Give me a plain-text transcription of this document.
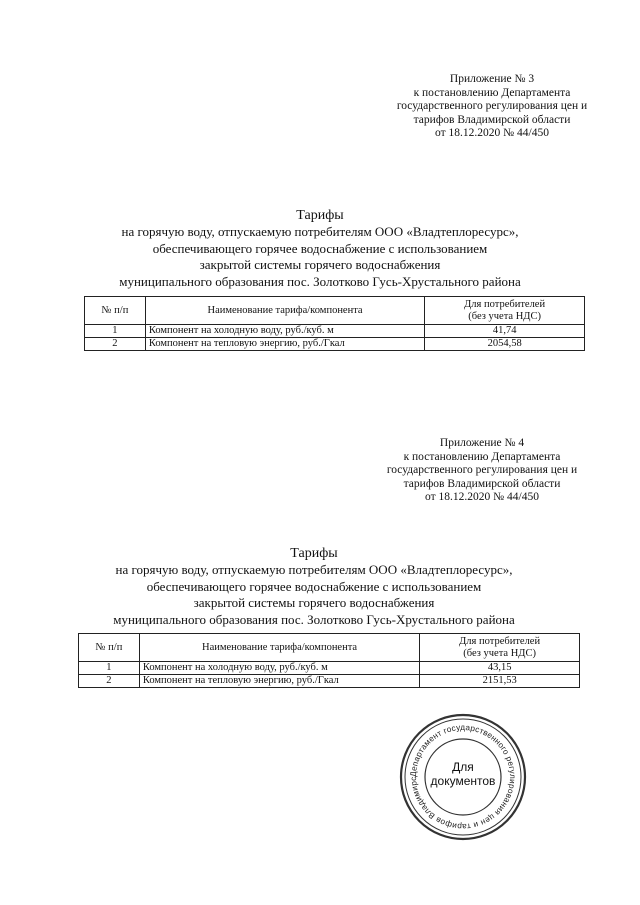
Приложение № 3
к постановлению Департамента
государственного регулирования цен и
тарифов Владимирской области
от 18.12.2020 № 44/450
Тарифы
на горячую воду, отпускаемую потребителям ООО «Владтеплоресурс»,
обеспечивающего горячее водоснабжение с использованием
закрытой системы горячего водоснабжения
муниципального образования пос. Золотково Гусь-Хрустального района
№ п/п	Наименование тарифа/компонента	Для потребителей
(без учета НДС)

1	Компонент на холодную воду, руб./куб. м	41,74
2	Компонент на тепловую энергию, руб./Гкал	2054,58
Приложение № 4
к постановлению Департамента
государственного регулирования цен и
тарифов Владимирской области
от 18.12.2020 № 44/450
Тарифы
на горячую воду, отпускаемую потребителям ООО «Владтеплоресурс»,
обеспечивающего горячее водоснабжение с использованием
закрытой системы горячего водоснабжения
муниципального образования пос. Золотково Гусь-Хрустального района
№ п/п	Наименование тарифа/компонента	Для потребителей
(без учета НДС)

1	Компонент на холодную воду, руб./куб. м	43,15
2	Компонент на тепловую энергию, руб./Гкал	2151,53
Департамент государственного регулирования цен и тарифов Владимирс
Для
документов
